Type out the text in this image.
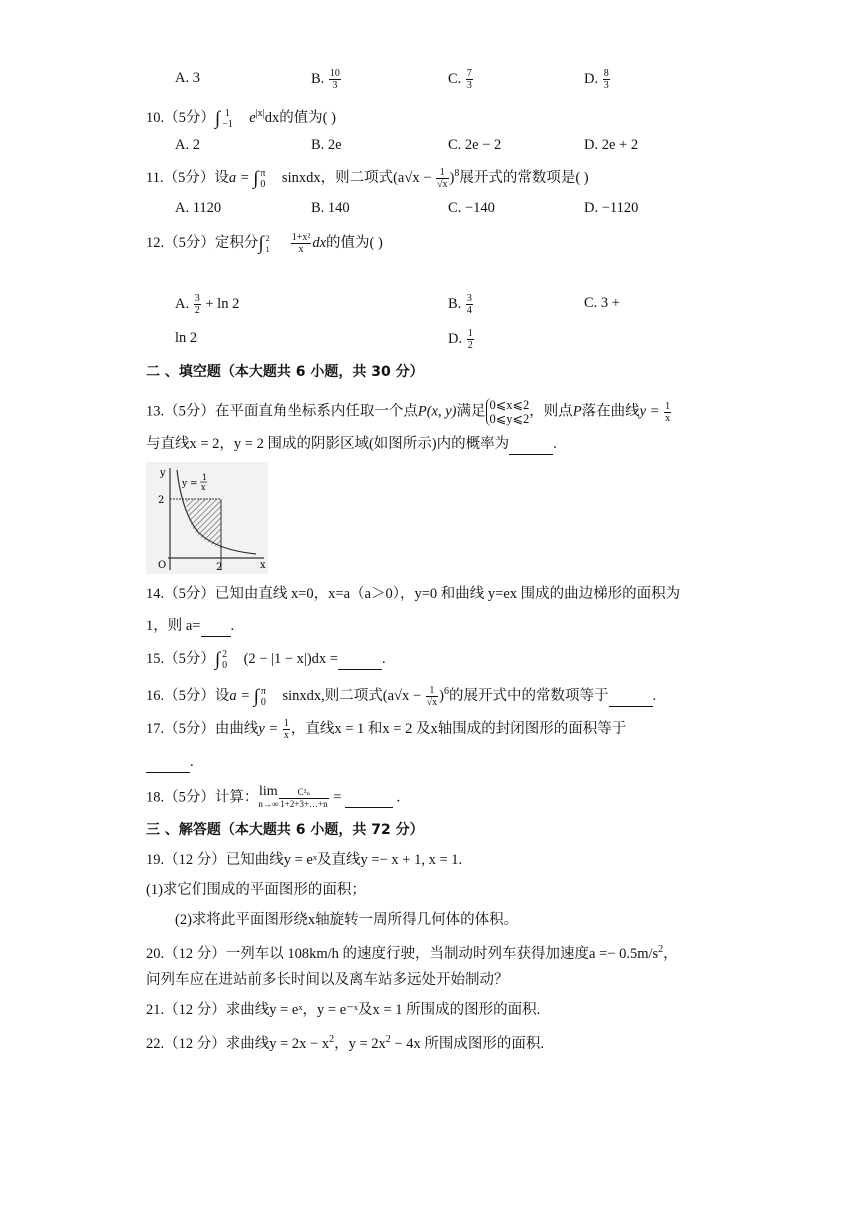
A. 3	B. $\frac{10}{3}$	C. $\frac{7}{3}$	D. $\frac{8}{3}$
10.（5分）∫ 1
−1 $e^{|x|}dx$的值为( )
A. 2	B. 2e	C. 2e − 2	D. 2e + 2
11.（5分）设a = ∫ π
0 sinxdx，则二项式$(a√x - \frac{1}{√x} )^8$展开式的常数项是( )
A. 1120	B. 140	C. −140	D. −1120
12.（5分）定积分∫ 2
1
$\frac{\text{1+x²}}{x}$ dx的值为( )
A. $\frac{3}{2} + \ln 2$	B. $\frac{3}{4}$	C. 3 +
ln 2	D. $\frac{1}{2}$
二 、填空题（本大题共 6 小题，共 30 分）
13.（5分）在平面直角坐标系内任取一个点P(x, y)满足 0⩽x⩽2
0⩽y⩽2 ，则点P落在曲线$y = \frac{1}{x}$
与直线x = 2，y = 2 围成的阴影区域(如图所示)内的概率为	.
y
x
O
2
2
y =
1
x
14.（5分）已知由直线 x=0，x=a（a＞0），y=0 和曲线 y=ex 围成的曲边梯形的面积为
1，则 a= .
15.（5分）∫ 2
0 (2 − |1 − x|)dx =	.
16.（5分）设a = ∫ π
0 sinxdx,则二项式$(a√x - \frac{1}{√x} )^6$的展开式中的常数项等于	.
17.（5分）由曲线$y = \frac{1}{x}$ ，直线x = 1 和x = 2 及x轴围成的封闭图形的面积等于
.
18.（5分）计算： lim
$n\to\infty \frac{\text{C²ₙ}}{1+2+3+\dots+n}$ =	.
三 、解答题（本大题共 6 小题，共 72 分）
19.（12 分）已知曲线y = eˣ及直线y =− x + 1, x = 1.
(1)求它们围成的平面图形的面积；
(2)求将此平面图形绕x轴旋转一周所得几何体的体积。
20.（12 分）一列车以 108km/h 的速度行驶，当制动时列车获得加速度$a =- 0.5m/s^2$，
问列车应在进站前多长时间以及离车站多远处开始制动？
21.（12 分）求曲线y = eˣ，y = e⁻ˣ及x = 1 所围成的图形的面积.
22.（12 分）求曲线$y = 2x - x^2$，$y = 2x^2 - 4x$ 所围成图形的面积.
